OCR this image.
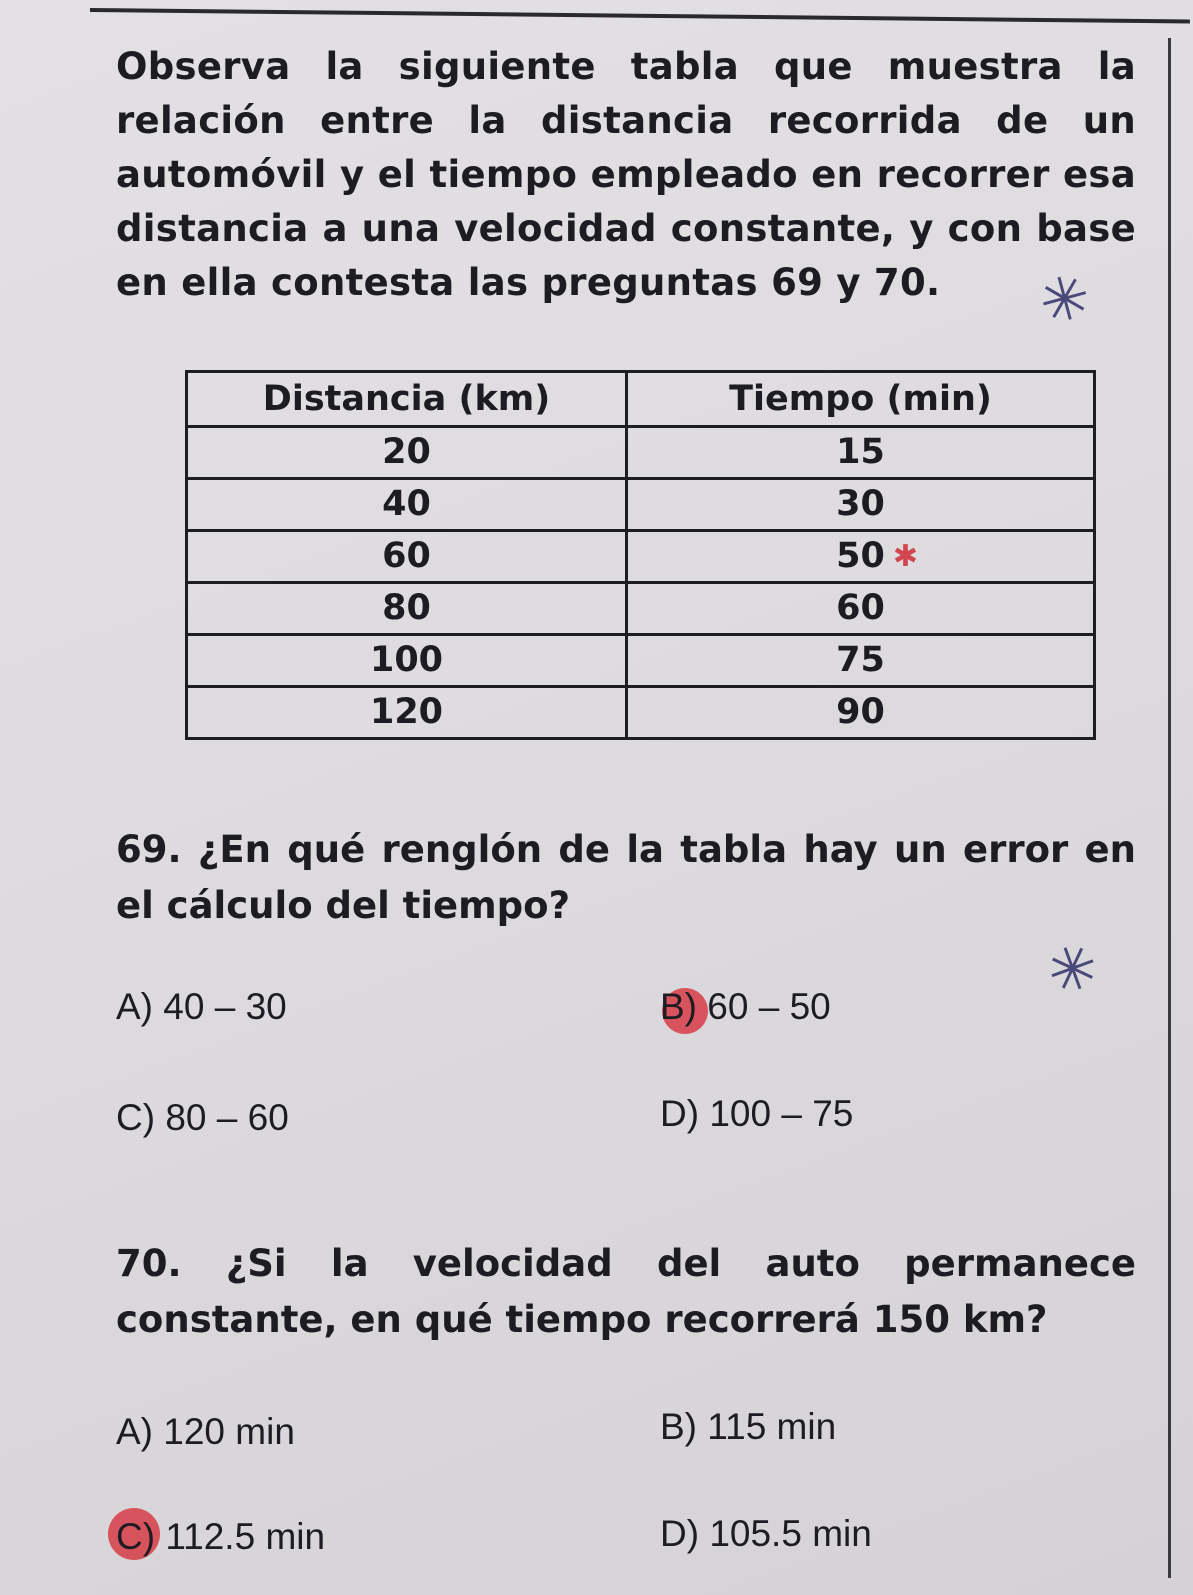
Observa la siguiente tabla que muestra la relación entre la distancia recorrida de un automóvil y el tiempo empleado en recorrer esa distancia a una velocidad constante, y con base en ella contesta las preguntas 69 y 70.	✳
Distancia (km)	Tiempo (min)
20	15
40	30
60	50 ✱

80	60
100	75
120	90
69. ¿En qué renglón de la tabla hay un error en el cálculo del tiempo?
✳
A) 40 – 30	B) 60 – 50
C) 80 – 60	D) 100 – 75
70. ¿Si la velocidad del auto permanece constante, en qué tiempo recorrerá 150 km?
A) 120 min	B) 115 min
C) 112.5 min	D) 105.5 min
